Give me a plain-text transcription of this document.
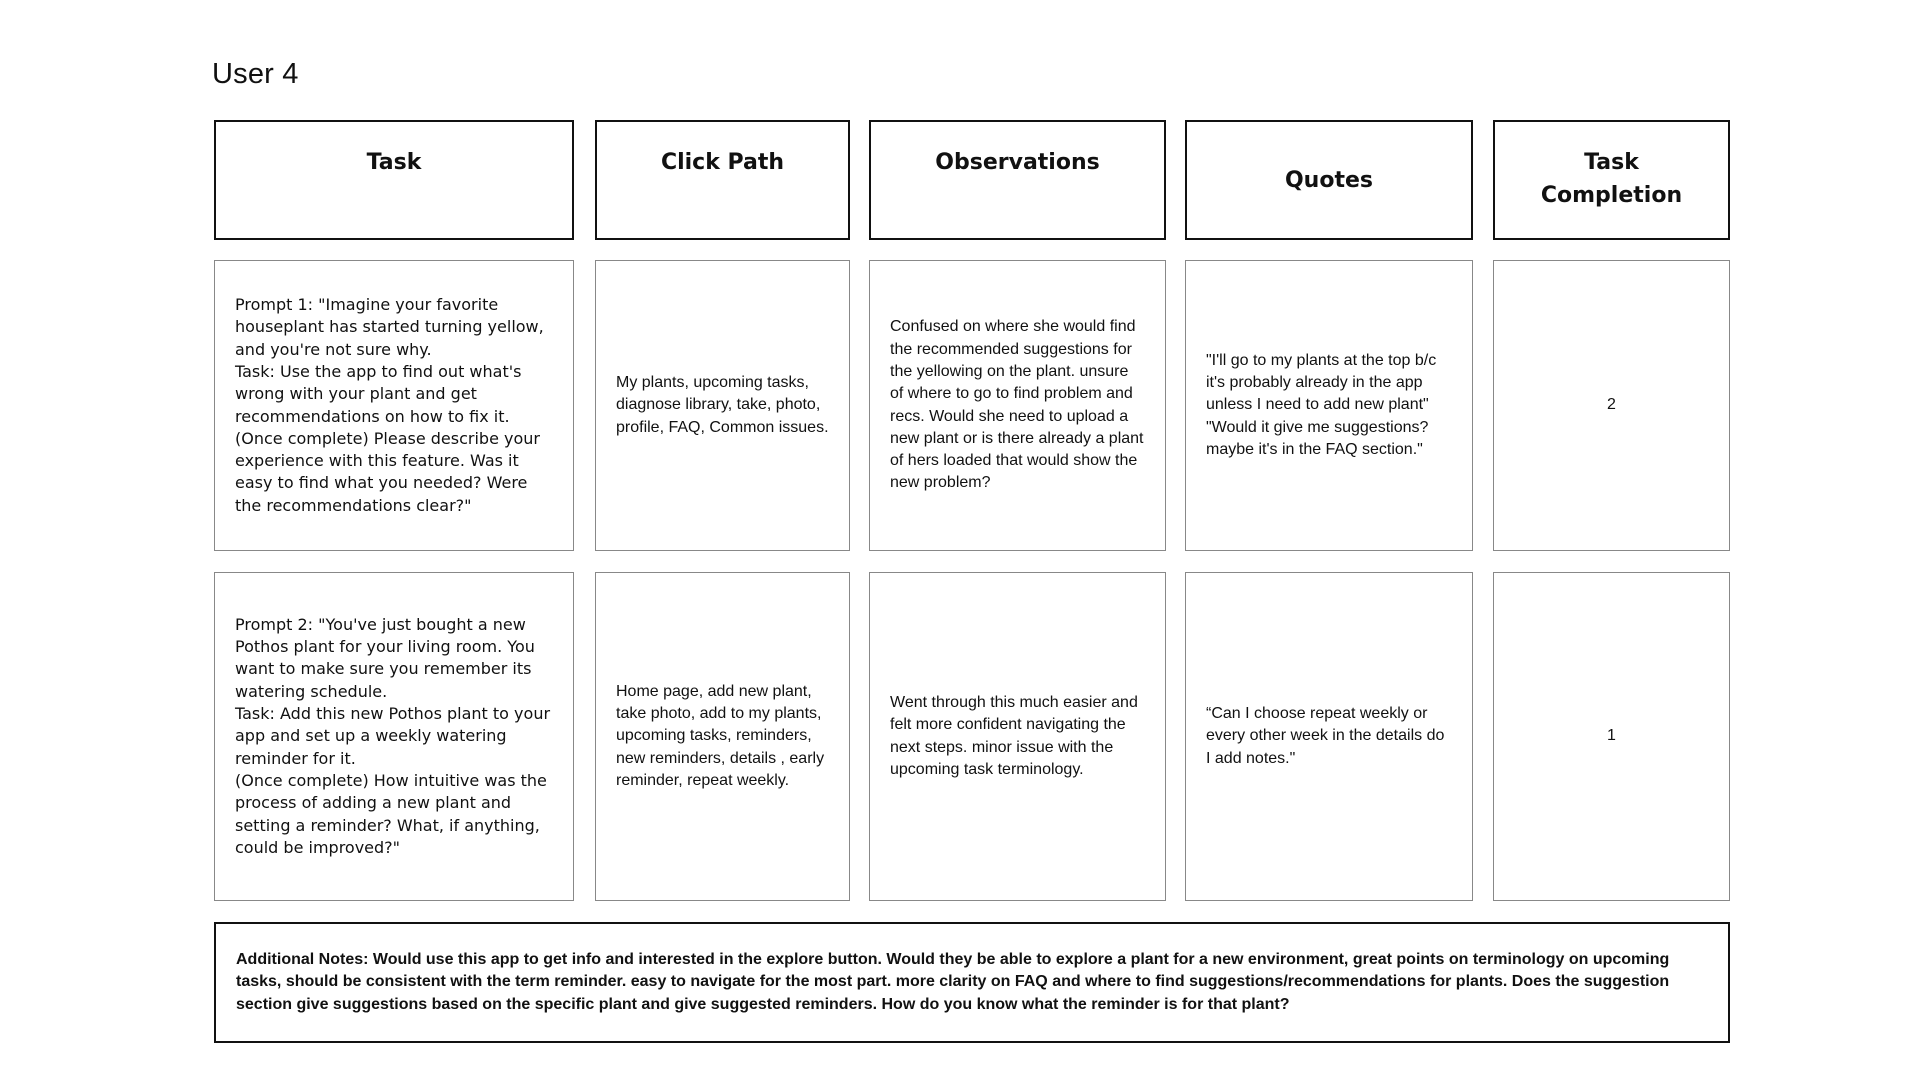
User 4
Task	Click Path	Observations
Quotes
Task Completion
Prompt 1: "Imagine your favorite houseplant has started turning yellow, and you're not sure why.
Task: Use the app to find out what's wrong with your plant and get recommendations on how to fix it.
(Once complete) Please describe your experience with this feature. Was it easy to find what you needed? Were the recommendations clear?"
My plants, upcoming tasks, diagnose library, take, photo, profile, FAQ, Common issues.
Confused on where she would find the recommended suggestions for the yellowing on the plant. unsure of where to go to find problem and recs. Would she need to upload a new plant or is there already a plant of hers loaded that would show the new problem?
"I'll go to my plants at the top b/c it's probably already in the app unless I need to add new plant" "Would it give me suggestions? maybe it's in the FAQ section."
2
Prompt 2: "You've just bought a new Pothos plant for your living room. You want to make sure you remember its watering schedule.
Task: Add this new Pothos plant to your app and set up a weekly watering reminder for it.
(Once complete) How intuitive was the process of adding a new plant and setting a reminder? What, if anything, could be improved?"
Home page, add new plant, take photo, add to my plants, upcoming tasks, reminders, new reminders, details , early reminder, repeat weekly.
Went through this much easier and felt more confident navigating the next steps. minor issue with the upcoming task terminology.
“Can I choose repeat weekly or every other week in the details do I add notes."
1
Additional Notes: Would use this app to get info and interested in the explore button. Would they be able to explore a plant for a new environment, great points on terminology on upcoming tasks, should be consistent with the term reminder. easy to navigate for the most part. more clarity on FAQ and where to find suggestions/recommendations for plants. Does the suggestion section give suggestions based on the specific plant and give suggested reminders. How do you know what the reminder is for that plant?
